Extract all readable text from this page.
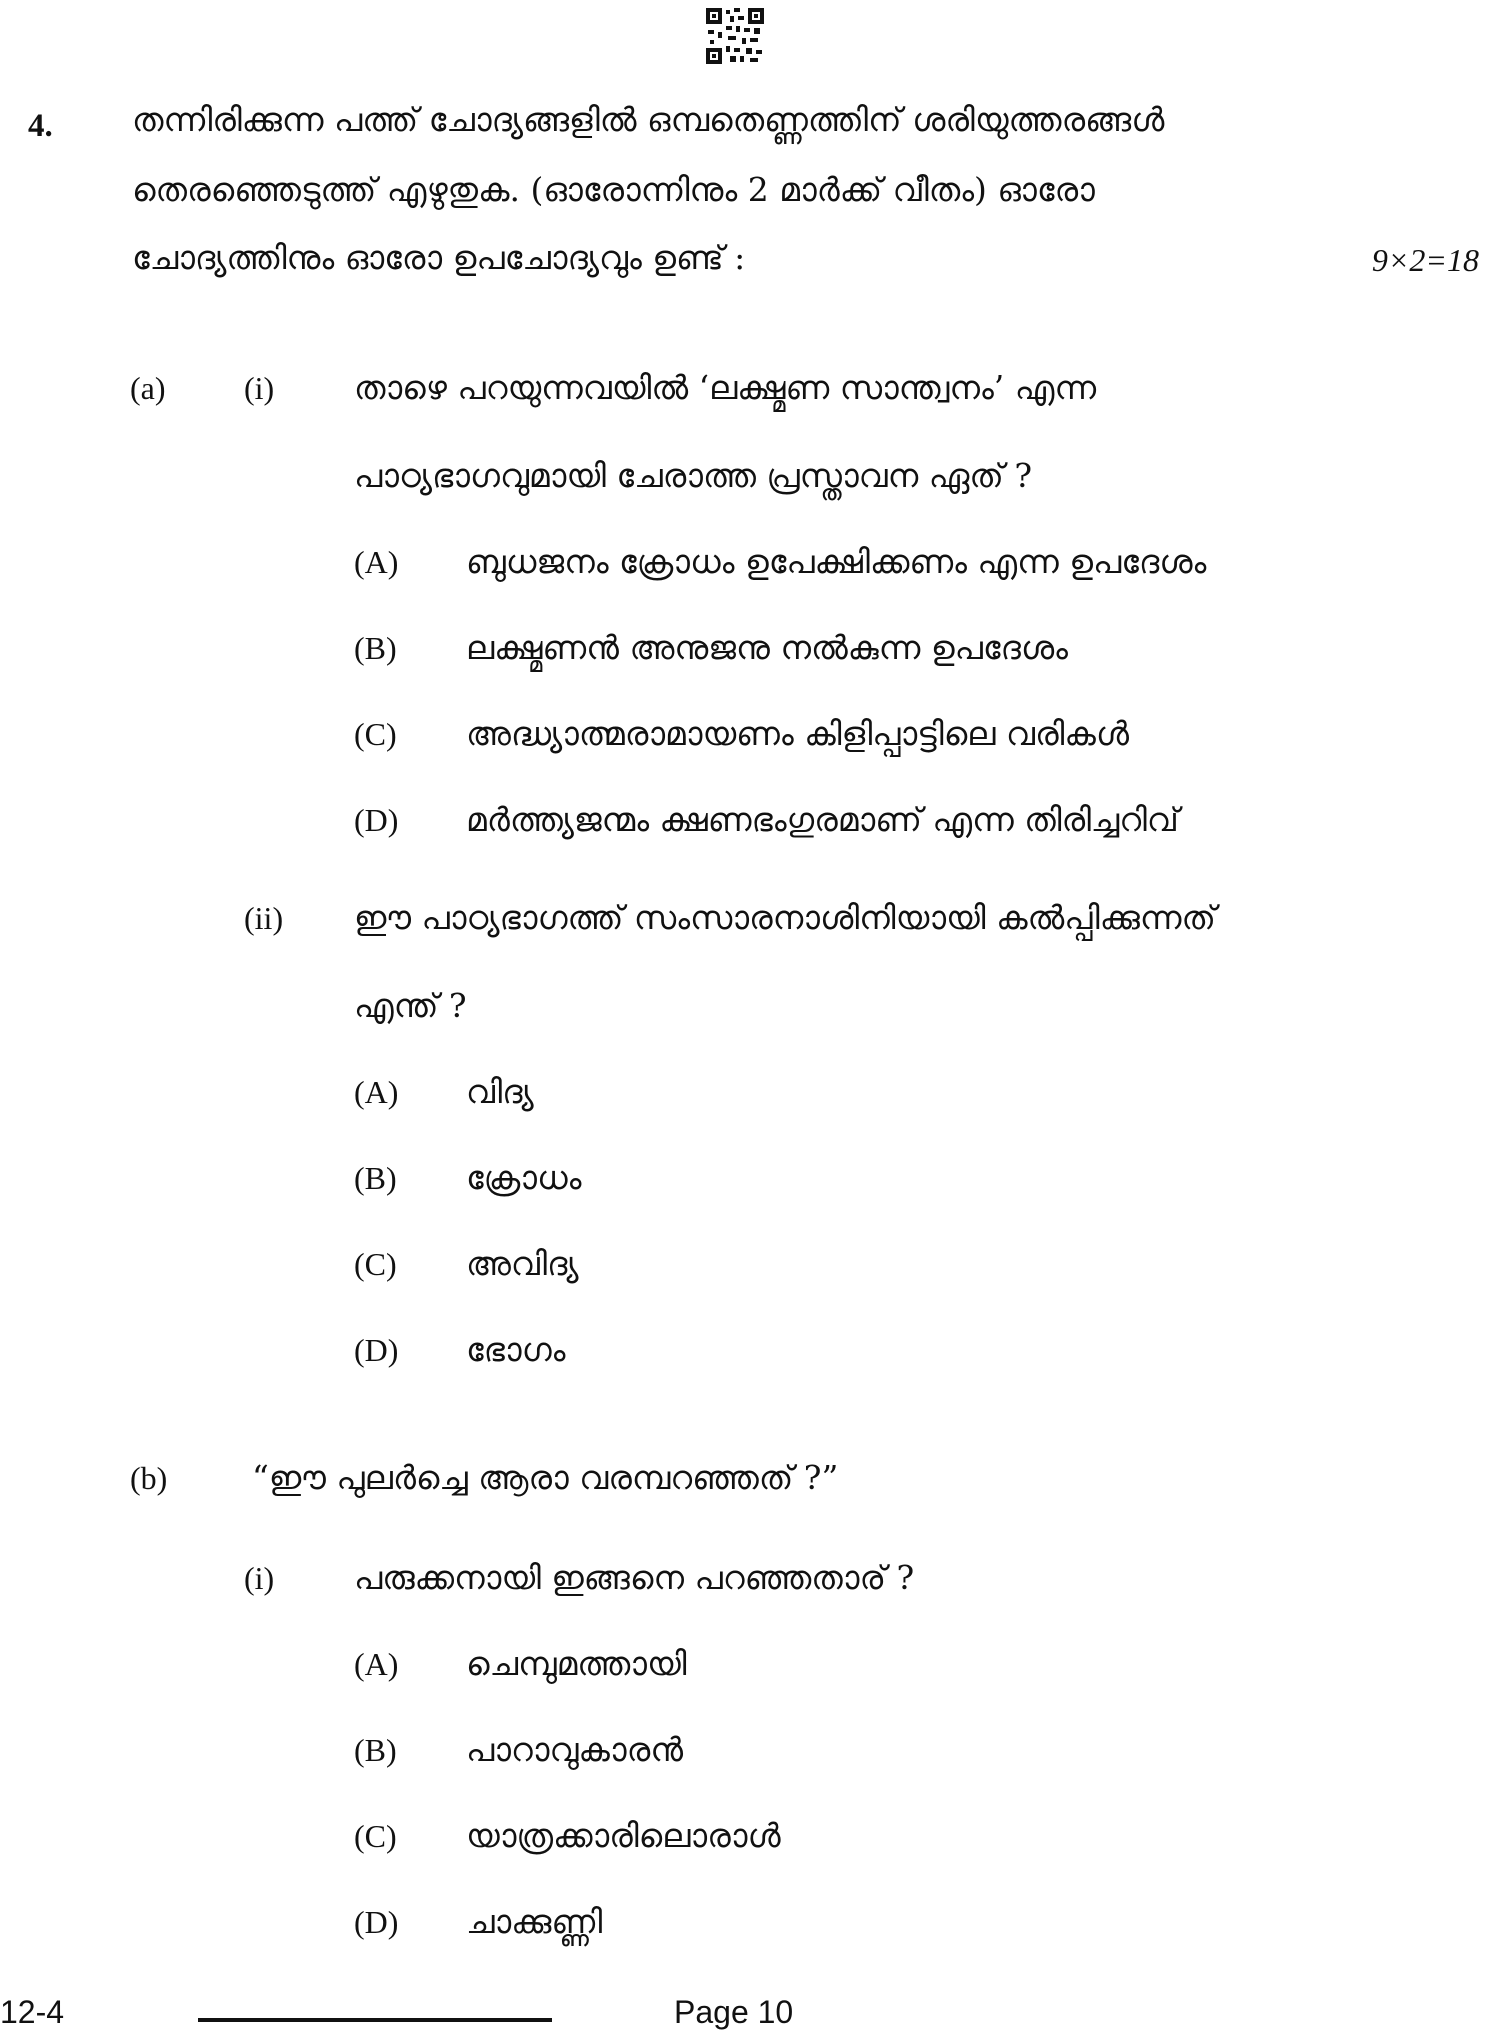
4. തന്നിരിക്കുന്ന പത്ത് ചോദ്യങ്ങളിൽ ഒമ്പതെണ്ണത്തിന് ശരിയുത്തരങ്ങൾ
തെരഞ്ഞെടുത്ത് എഴുതുക. (ഓരോന്നിനും 2 മാർക്ക് വീതം) ഓരോ
ചോദ്യത്തിനും ഓരോ ഉപചോദ്യവും ഉണ്ട് :	9×2=18
(a) (i) താഴെ പറയുന്നവയിൽ ‘ലക്ഷ്മണ സാന്ത്വനം’ എന്ന
പാഠ്യഭാഗവുമായി ചേരാത്ത പ്രസ്താവന ഏത് ?
(A) ബുധജനം ക്രോധം ഉപേക്ഷിക്കണം എന്ന ഉപദേശം
(B) ലക്ഷ്മണൻ അനുജനു നൽകുന്ന ഉപദേശം
(C) അദ്ധ്യാത്മരാമായണം കിളിപ്പാട്ടിലെ വരികൾ
(D) മർത്ത്യജന്മം ക്ഷണഭംഗുരമാണ് എന്ന തിരിച്ചറിവ്
(ii) ഈ പാഠ്യഭാഗത്ത് സംസാരനാശിനിയായി കൽപ്പിക്കുന്നത്
എന്ത് ?
(A) വിദ്യ
(B) ക്രോധം
(C) അവിദ്യ
(D) ഭോഗം
(b)	“ഈ പുലർച്ചെ ആരാ വരമ്പറഞ്ഞത് ?”
(i) പരുക്കനായി ഇങ്ങനെ പറഞ്ഞതാര് ?
(A) ചെമ്പുമത്തായി
(B) പാറാവുകാരൻ
(C) യാത്രക്കാരിലൊരാൾ
(D) ചാക്കുണ്ണി
12-4	Page 10
